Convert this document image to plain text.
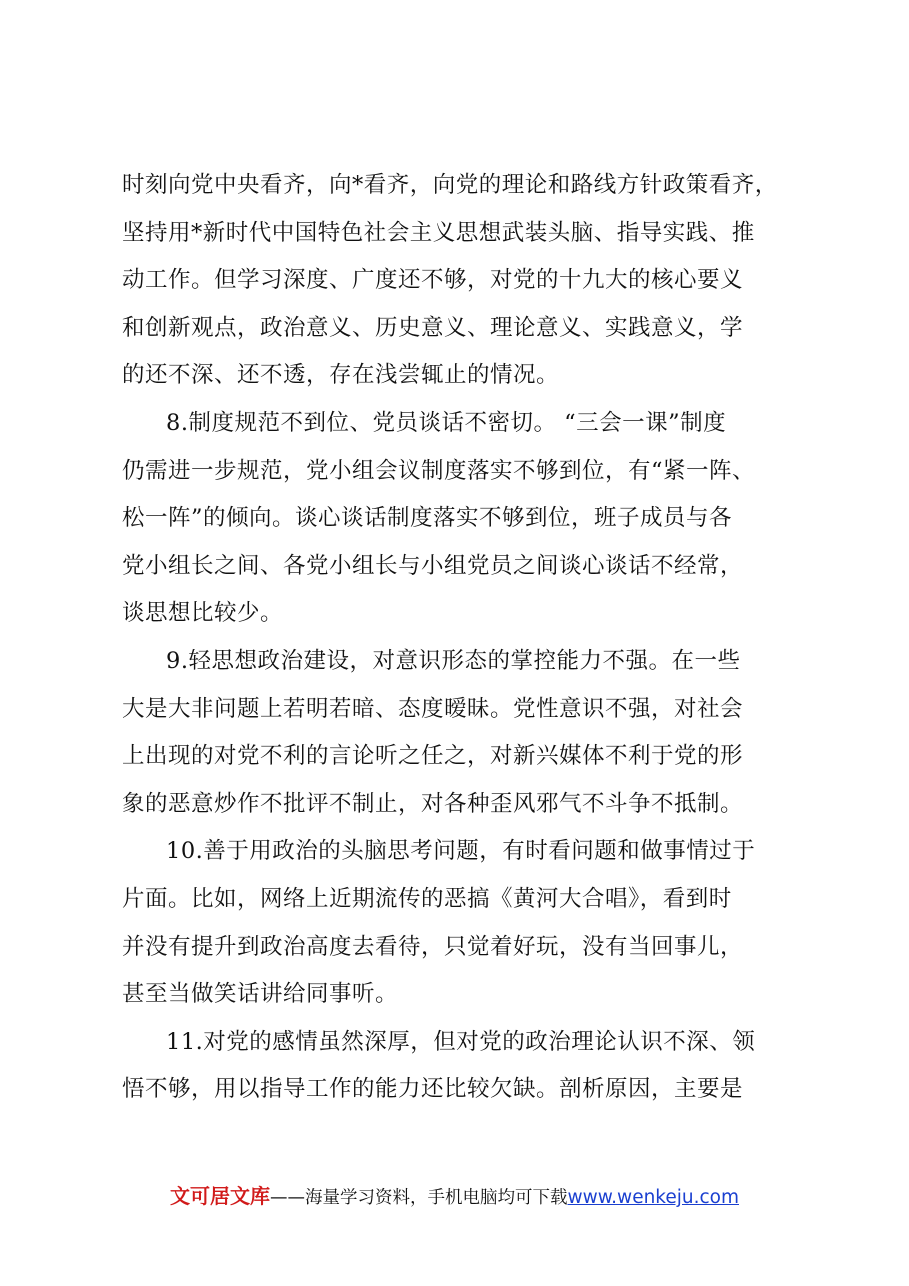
时刻向党中央看齐，向*看齐，向党的理论和路线方针政策看齐，
坚持用*新时代中国特色社会主义思想武装头脑、指导实践、推
动工作。但学习深度、广度还不够，对党的十九大的核心要义
和创新观点，政治意义、历史意义、理论意义、实践意义，学
的还不深、还不透，存在浅尝辄止的情况。
8.制度规范不到位、党员谈话不密切。 “三会一课”制度
仍需进一步规范，党小组会议制度落实不够到位，有“紧一阵、
松一阵”的倾向。谈心谈话制度落实不够到位，班子成员与各
党小组长之间、各党小组长与小组党员之间谈心谈话不经常，
谈思想比较少。
9.轻思想政治建设，对意识形态的掌控能力不强。在一些
大是大非问题上若明若暗、态度暧昧。党性意识不强，对社会
上出现的对党不利的言论听之任之，对新兴媒体不利于党的形
象的恶意炒作不批评不制止，对各种歪风邪气不斗争不抵制。
10.善于用政治的头脑思考问题，有时看问题和做事情过于
片面。比如，网络上近期流传的恶搞《黄河大合唱》，看到时
并没有提升到政治高度去看待，只觉着好玩，没有当回事儿，
甚至当做笑话讲给同事听。
11.对党的感情虽然深厚，但对党的政治理论认识不深、领
悟不够，用以指导工作的能力还比较欠缺。剖析原因，主要是
文可居文库——海量学习资料，手机电脑均可下载www.wenkeju.com
